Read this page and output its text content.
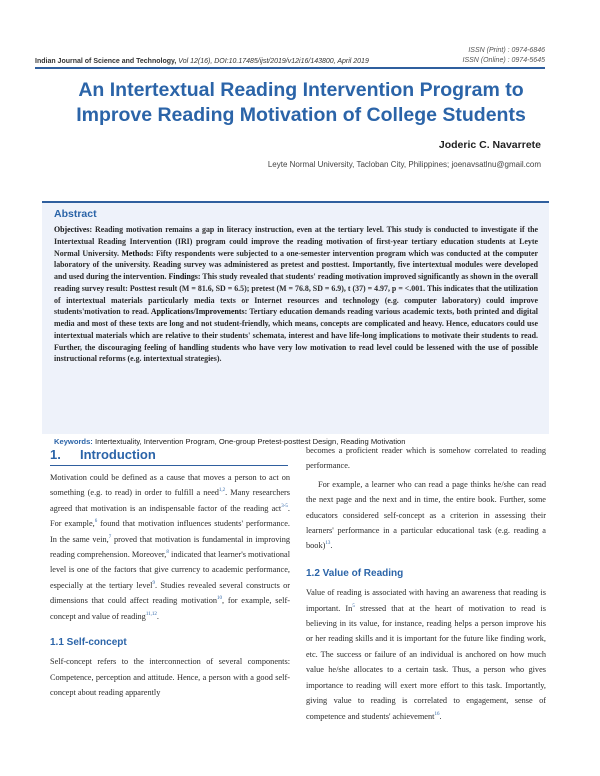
ISSN (Print) : 0974-6846
ISSN (Online) : 0974-5645
Indian Journal of Science and Technology, Vol 12(16), DOI:10.17485/ijst/2019/v12i16/143800, April 2019
An Intertextual Reading Intervention Program to
Improve Reading Motivation of College Students
Joderic C. Navarrete
Leyte Normal University, Tacloban City, Philippines; joenavsatlnu@gmail.com
Abstract
Objectives: Reading motivation remains a gap in literacy instruction, even at the tertiary level. This study is conducted to investigate if the Intertextual Reading Intervention (IRI) program could improve the reading motivation of first-year tertiary education students at Leyte Normal University. Methods: Fifty respondents were subjected to a one-semester intervention program which was conducted at the computer laboratory of the university. Reading survey was administered as pretest and posttest. Importantly, five intertextual modules were developed and used during the intervention. Findings: This study revealed that students' reading motivation improved significantly as shown in the overall reading survey result: Posttest result (M = 81.6, SD = 6.5); pretest (M = 76.8, SD = 6.9), t (37) = 4.97, p = <.001. This indicates that the utilization of intertextual materials particularly media texts or Internet resources and technology (e.g. computer laboratory) could improve students'motivation to read. Applications/Improvements: Tertiary education demands reading various academic texts, both printed and digital media and most of these texts are long and not student-friendly, which means, concepts are complicated and heavy. Hence, educators could use intertextual materials which are relative to their students' schemata, interest and have life-long implications to motivate their students to read. Further, the discouraging feeling of handling students who have very low motivation to read level could be lessened with the use of possible instructional reforms (e.g. intertextual strategies).
Keywords: Intertextuality, Intervention Program, One-group Pretest-posttest Design, Reading Motivation
1. Introduction

Motivation could be defined as a cause that moves a person to act on something (e.g. to read) in order to fulfill a need$^{1,2}$. Many researchers agreed that motivation is an indispensable factor of the reading act$^{3-5}$. For example,$^6$ found that motivation influences students' performance. In the same vein,$^7$ proved that motivation is fundamental in improving reading comprehension. Moreover,$^8$ indicated that learner's motivational level is one of the factors that give currency to academic performance, especially at the tertiary level$^9$. Studies revealed several constructs or dimensions that could affect reading motivation$^{10}$, for example, self-concept and value of reading$^{11,12}$.

1.1 Self-concept

Self-concept refers to the interconnection of several components: Competence, perception and attitude. Hence, a person with a good self-concept about reading apparently

becomes a proficient reader which is somehow correlated to reading performance.

For example, a learner who can read a page thinks he/she can read the next page and the next and in time, the entire book. Further, some educators considered self-concept as a criterion in assessing their learners' performance in a particular educational task (e.g. reading a book)$^{13}$.

1.2 Value of Reading

Value of reading is associated with having an awareness that reading is important. In$^5$ stressed that at the heart of motivation to read is believing in its value, for instance, reading helps a person improve his or her reading skills and it is important for the future like finding work, etc. The success or failure of an individual is anchored on how much value he/she allocates to a certain task. Thus, a person who gives importance to reading will exert more effort to this task. Importantly, giving value to reading is correlated to engagement, sense of competence and students' achievement$^{16}$.
